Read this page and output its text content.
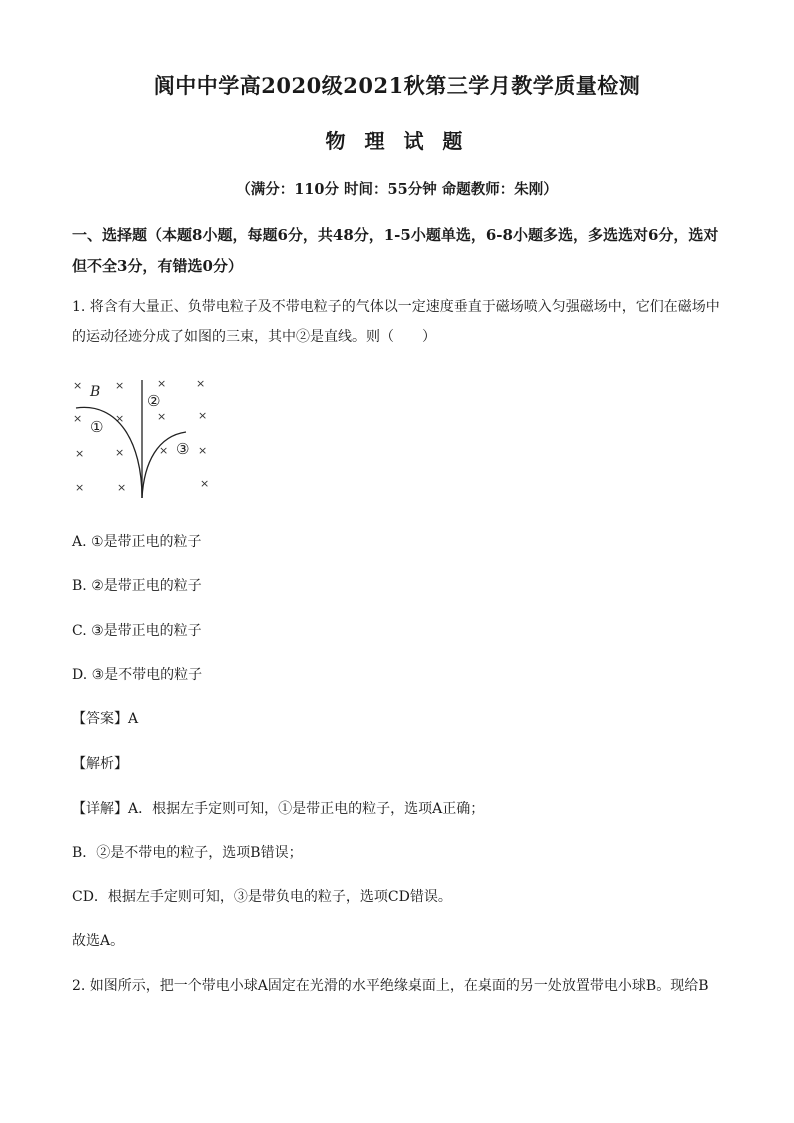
阆中中学高2020级2021秋第三学月教学质量检测
物 理 试 题
（满分：110分 时间：55分钟 命题教师：朱刚）
一、选择题（本题8小题，每题6分，共48分，1-5小题单选，6-8小题多选，多选选对6分，选对但不全3分，有错选0分）
1. 将含有大量正、负带电粒子及不带电粒子的气体以一定速度垂直于磁场喷入匀强磁场中，它们在磁场中的运动径迹分成了如图的三束，其中②是直线。则（　　）
×	×	×	×
×	×	×	×
×	×	×	×
×	×	×
B
①
②
③
A. ①是带正电的粒子
B. ②是带正电的粒子
C. ③是带正电的粒子
D. ③是不带电的粒子
【答案】A
【解析】
【详解】A．根据左手定则可知，①是带正电的粒子，选项A正确；
B．②是不带电的粒子，选项B错误；
CD．根据左手定则可知，③是带负电的粒子，选项CD错误。
故选A。
2. 如图所示，把一个带电小球A固定在光滑的水平绝缘桌面上，在桌面的另一处放置带电小球B。现给B
